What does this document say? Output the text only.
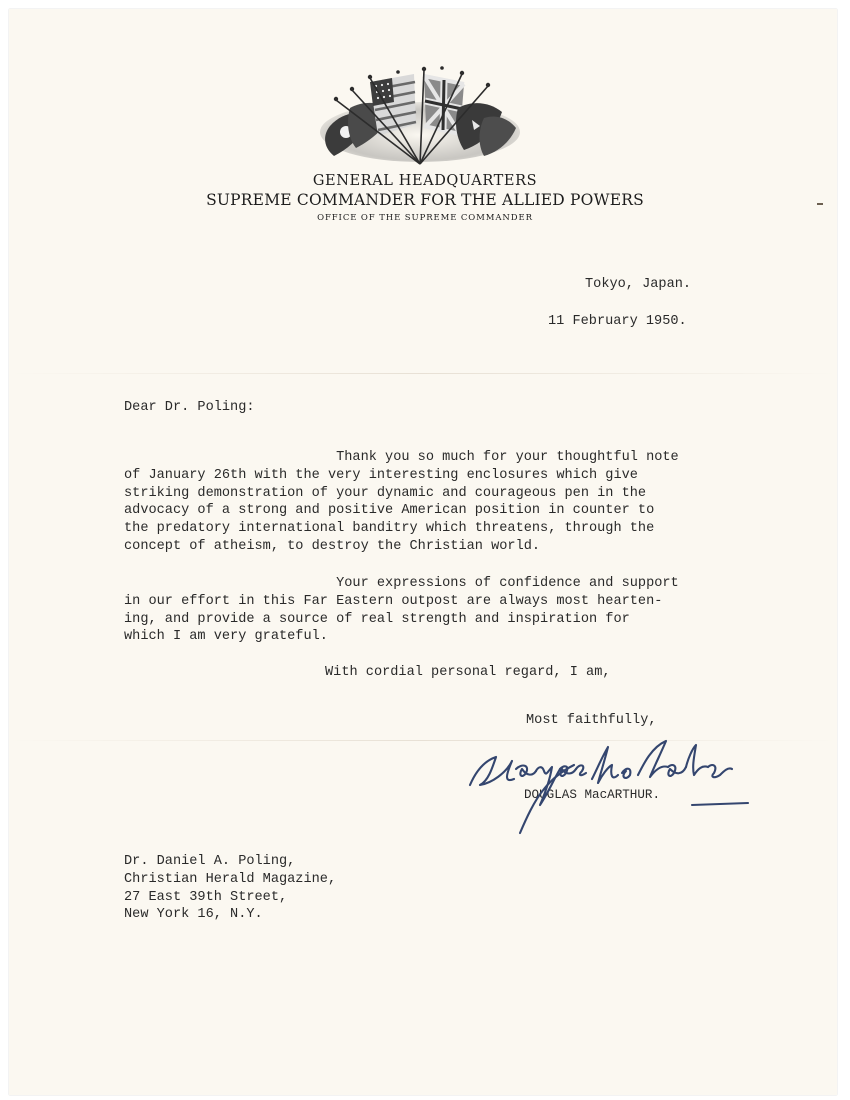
GENERAL HEADQUARTERS
SUPREME COMMANDER FOR THE ALLIED POWERS
OFFICE OF THE SUPREME COMMANDER
Tokyo, Japan.
11 February 1950.
Dear Dr. Poling:
Thank you so much for your thoughtful note
of January 26th with the very interesting enclosures which give
striking demonstration of your dynamic and courageous pen in the
advocacy of a strong and positive American position in counter to
the predatory international banditry which threatens, through the
concept of atheism, to destroy the Christian world.
Your expressions of confidence and support
in our effort in this Far Eastern outpost are always most hearten-
ing, and provide a source of real strength and inspiration for
which I am very grateful.
With cordial personal regard, I am,
Most faithfully,
DOUGLAS MacARTHUR.
Dr. Daniel A. Poling,
Christian Herald Magazine,
27 East 39th Street,
New York 16, N.Y.
